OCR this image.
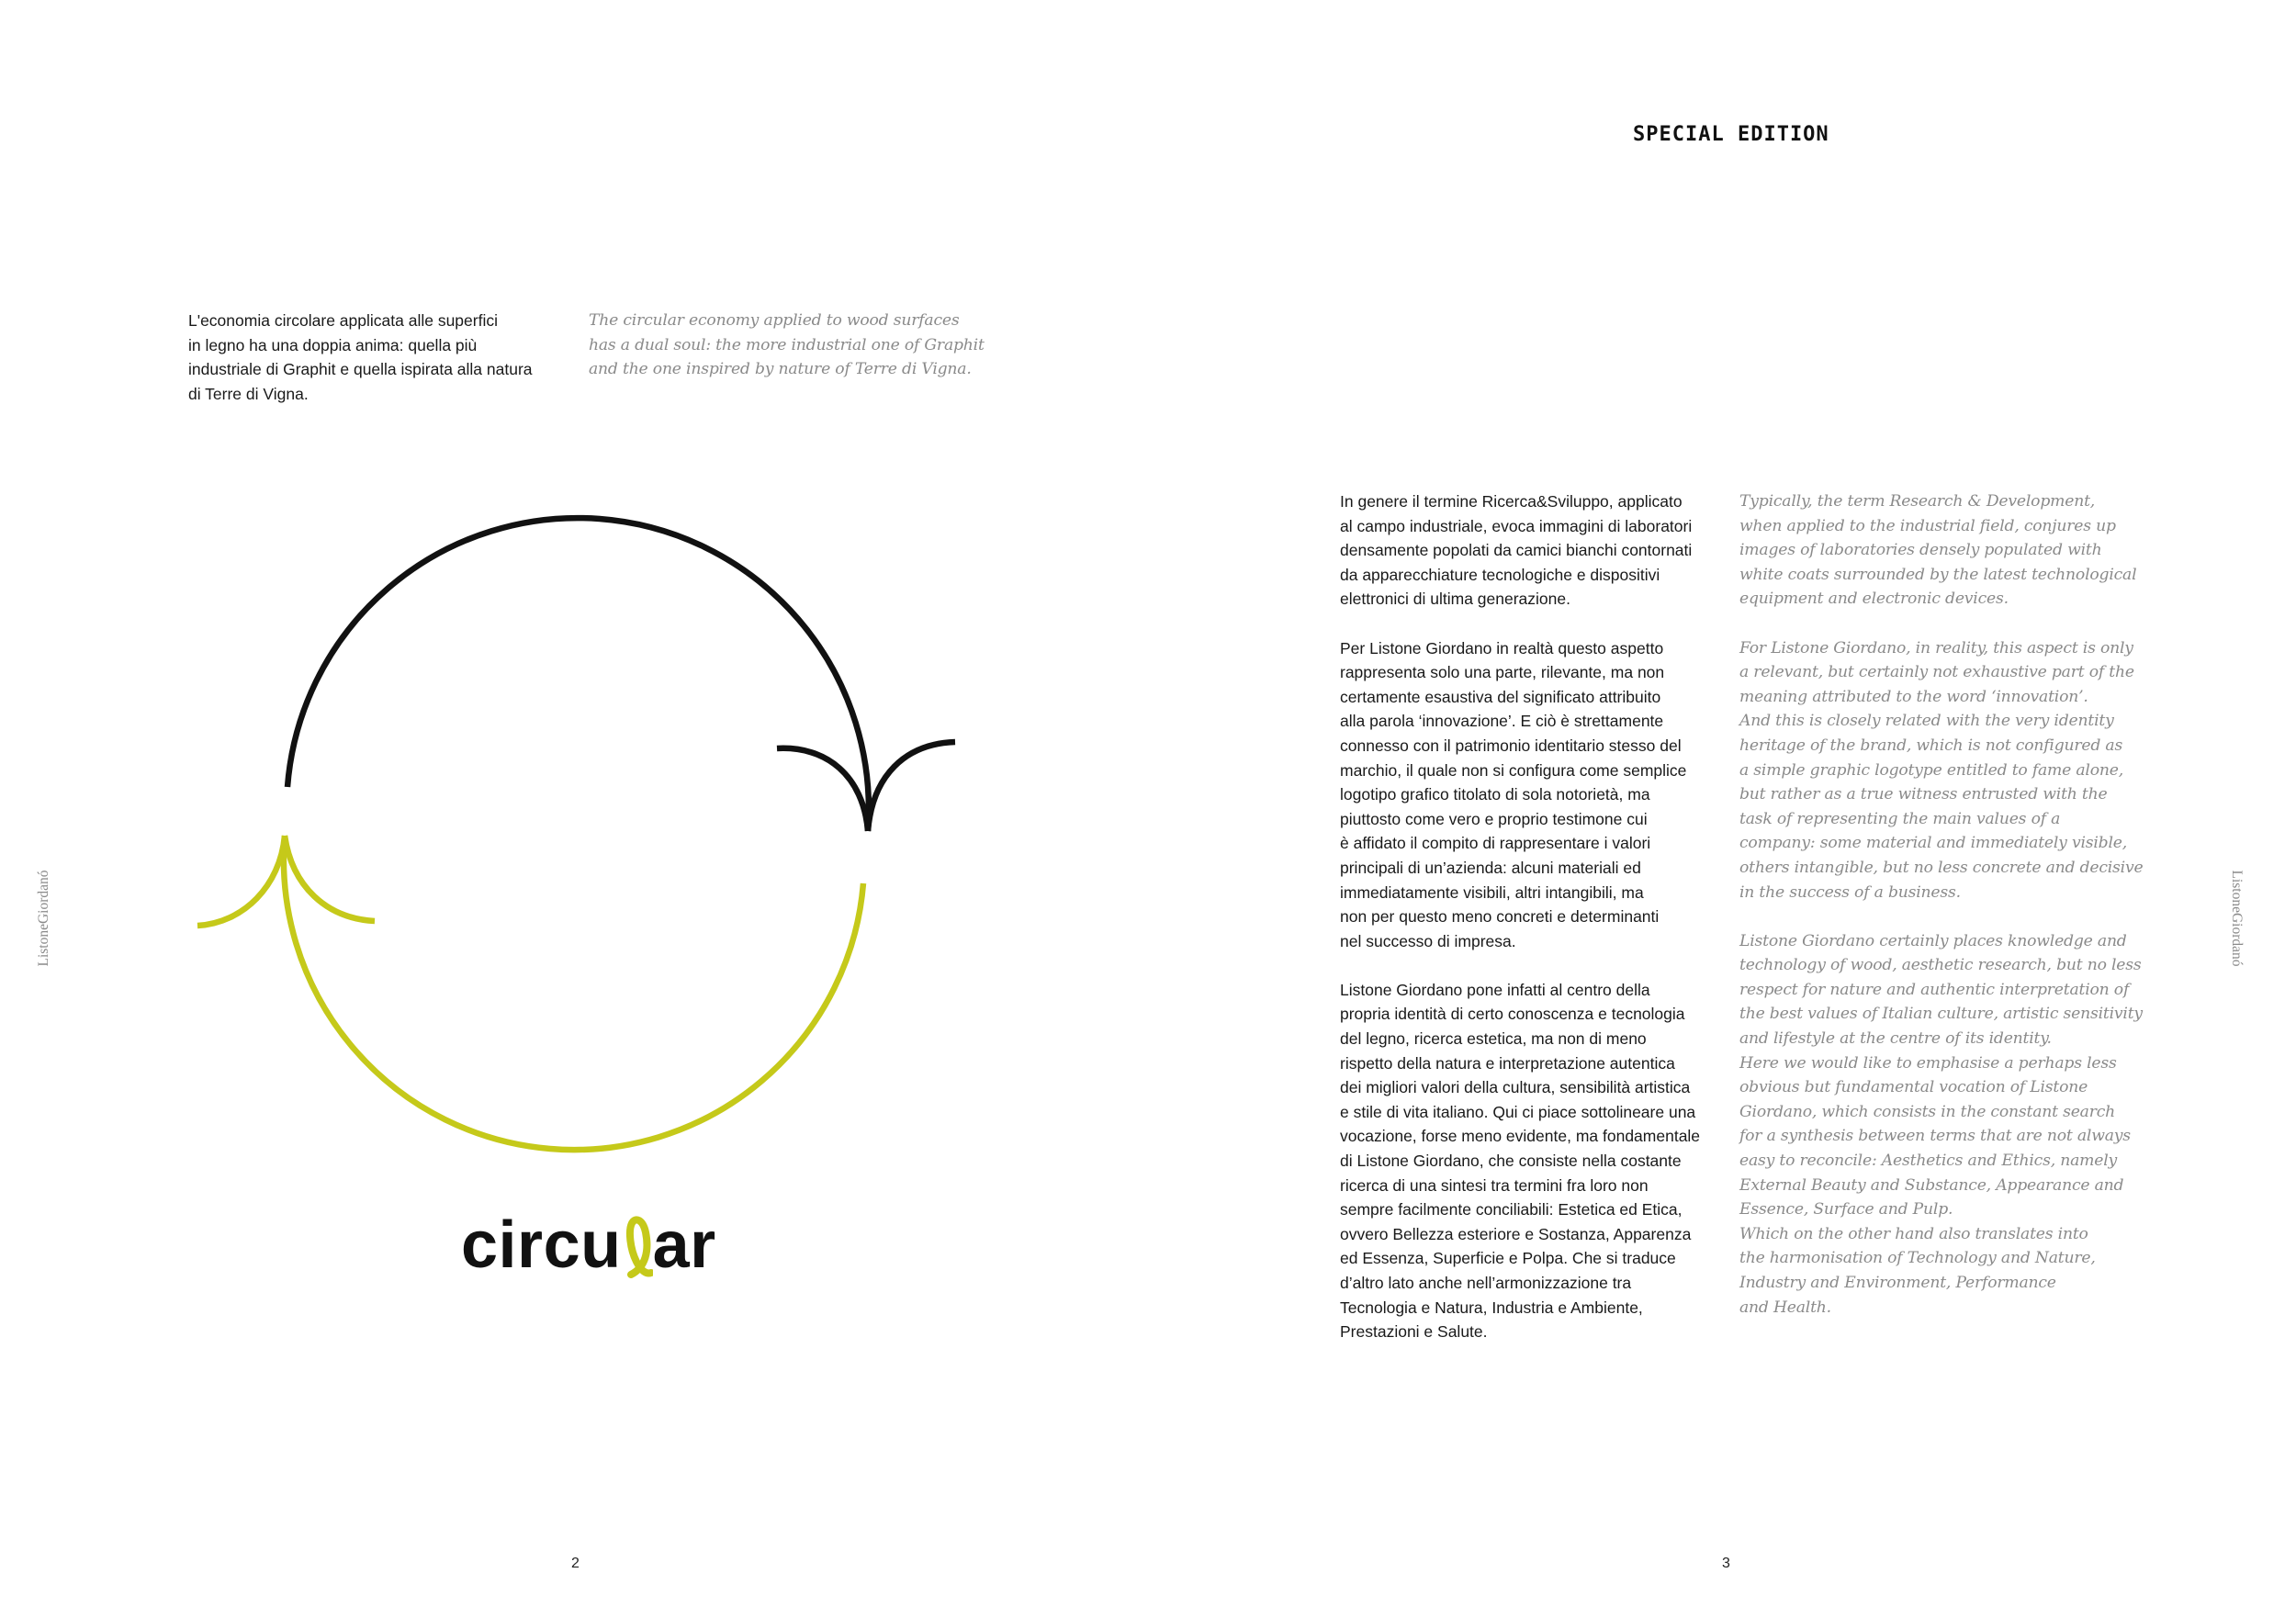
SPECIAL EDITION
L'economia circolare applicata alle superfici
in legno ha una doppia anima: quella più
industriale di Graphit e quella ispirata alla natura
di Terre di Vigna.
The circular economy applied to wood surfaces
has a dual soul: the more industrial one of Graphit
and the one inspired by nature of Terre di Vigna.
circu ar
ListoneGiordanó
2

In genere il termine Ricerca&Sviluppo, applicato
al campo industriale, evoca immagini di laboratori
densamente popolati da camici bianchi contornati
da apparecchiature tecnologiche e dispositivi
elettronici di ultima generazione.

Per Listone Giordano in realtà questo aspetto
rappresenta solo una parte, rilevante, ma non
certamente esaustiva del significato attribuito
alla parola ‘innovazione’. E ciò è strettamente
connesso con il patrimonio identitario stesso del
marchio, il quale non si configura come semplice
logotipo grafico titolato di sola notorietà, ma
piuttosto come vero e proprio testimone cui
è affidato il compito di rappresentare i valori
principali di un’azienda: alcuni materiali ed
immediatamente visibili, altri intangibili, ma
non per questo meno concreti e determinanti
nel successo di impresa.

Listone Giordano pone infatti al centro della
propria identità di certo conoscenza e tecnologia
del legno, ricerca estetica, ma non di meno
rispetto della natura e interpretazione autentica
dei migliori valori della cultura, sensibilità artistica
e stile di vita italiano. Qui ci piace sottolineare una
vocazione, forse meno evidente, ma fondamentale
di Listone Giordano, che consiste nella costante
ricerca di una sintesi tra termini fra loro non
sempre facilmente conciliabili: Estetica ed Etica,
ovvero Bellezza esteriore e Sostanza, Apparenza
ed Essenza, Superficie e Polpa. Che si traduce
d’altro lato anche nell’armonizzazione tra
Tecnologia e Natura, Industria e Ambiente,
Prestazioni e Salute.

Typically, the term Research & Development,
when applied to the industrial field, conjures up
images of laboratories densely populated with
white coats surrounded by the latest technological
equipment and electronic devices.

For Listone Giordano, in reality, this aspect is only
a relevant, but certainly not exhaustive part of the
meaning attributed to the word ‘innovation’.
And this is closely related with the very identity
heritage of the brand, which is not configured as
a simple graphic logotype entitled to fame alone,
but rather as a true witness entrusted with the
task of representing the main values of a
company: some material and immediately visible,
others intangible, but no less concrete and decisive
in the success of a business.

Listone Giordano certainly places knowledge and
technology of wood, aesthetic research, but no less
respect for nature and authentic interpretation of
the best values of Italian culture, artistic sensitivity
and lifestyle at the centre of its identity.
Here we would like to emphasise a perhaps less
obvious but fundamental vocation of Listone
Giordano, which consists in the constant search
for a synthesis between terms that are not always
easy to reconcile: Aesthetics and Ethics, namely
External Beauty and Substance, Appearance and
Essence, Surface and Pulp.
Which on the other hand also translates into
the harmonisation of Technology and Nature,
Industry and Environment, Performance
and Health.

ListoneGiordanó
3
